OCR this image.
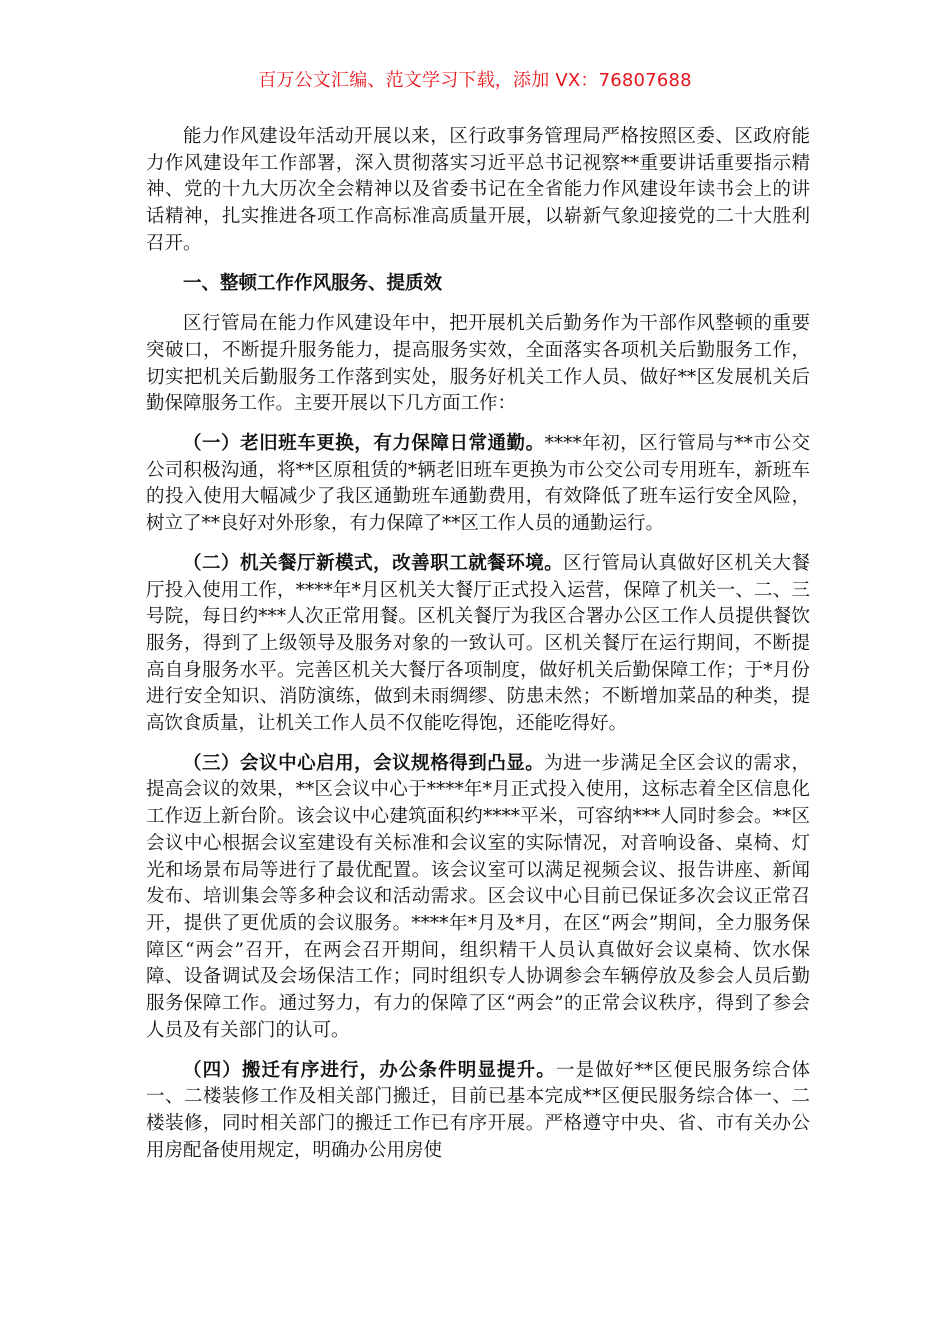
百万公文汇编、范文学习下载，添加 VX：76807688

能力作风建设年活动开展以来，区行政事务管理局严格按照区委、区政府能力作风建设年工作部署，深入贯彻落实习近平总书记视察**重要讲话重要指示精神、党的十九大历次全会精神以及省委书记在全省能力作风建设年读书会上的讲话精神，扎实推进各项工作高标准高质量开展，以崭新气象迎接党的二十大胜利召开。

一、整顿工作作风服务、提质效

区行管局在能力作风建设年中，把开展机关后勤务作为干部作风整顿的重要突破口，不断提升服务能力，提高服务实效，全面落实各项机关后勤服务工作，切实把机关后勤服务工作落到实处，服务好机关工作人员、做好**区发展机关后勤保障服务工作。主要开展以下几方面工作：

（一）老旧班车更换，有力保障日常通勤。****年初，区行管局与**市公交公司积极沟通，将**区原租赁的*辆老旧班车更换为市公交公司专用班车，新班车的投入使用大幅减少了我区通勤班车通勤费用，有效降低了班车运行安全风险，树立了**良好对外形象，有力保障了**区工作人员的通勤运行。

（二）机关餐厅新模式，改善职工就餐环境。区行管局认真做好区机关大餐厅投入使用工作，****年*月区机关大餐厅正式投入运营，保障了机关一、二、三号院，每日约***人次正常用餐。区机关餐厅为我区合署办公区工作人员提供餐饮服务，得到了上级领导及服务对象的一致认可。区机关餐厅在运行期间，不断提高自身服务水平。完善区机关大餐厅各项制度，做好机关后勤保障工作；于*月份进行安全知识、消防演练，做到未雨绸缪、防患未然；不断增加菜品的种类，提高饮食质量，让机关工作人员不仅能吃得饱，还能吃得好。

（三）会议中心启用，会议规格得到凸显。为进一步满足全区会议的需求，提高会议的效果，**区会议中心于****年*月正式投入使用，这标志着全区信息化工作迈上新台阶。该会议中心建筑面积约****平米，可容纳***人同时参会。**区会议中心根据会议室建设有关标准和会议室的实际情况，对音响设备、桌椅、灯光和场景布局等进行了最优配置。该会议室可以满足视频会议、报告讲座、新闻发布、培训集会等多种会议和活动需求。区会议中心目前已保证多次会议正常召开，提供了更优质的会议服务。****年*月及*月，在区“两会”期间，全力服务保障区“两会”召开，在两会召开期间，组织精干人员认真做好会议桌椅、饮水保障、设备调试及会场保洁工作；同时组织专人协调参会车辆停放及参会人员后勤服务保障工作。通过努力，有力的保障了区“两会”的正常会议秩序，得到了参会人员及有关部门的认可。

（四）搬迁有序进行，办公条件明显提升。一是做好**区便民服务综合体一、二楼装修工作及相关部门搬迁，目前已基本完成**区便民服务综合体一、二楼装修，同时相关部门的搬迁工作已有序开展。严格遵守中央、省、市有关办公用房配备使用规定，明确办公用房使
